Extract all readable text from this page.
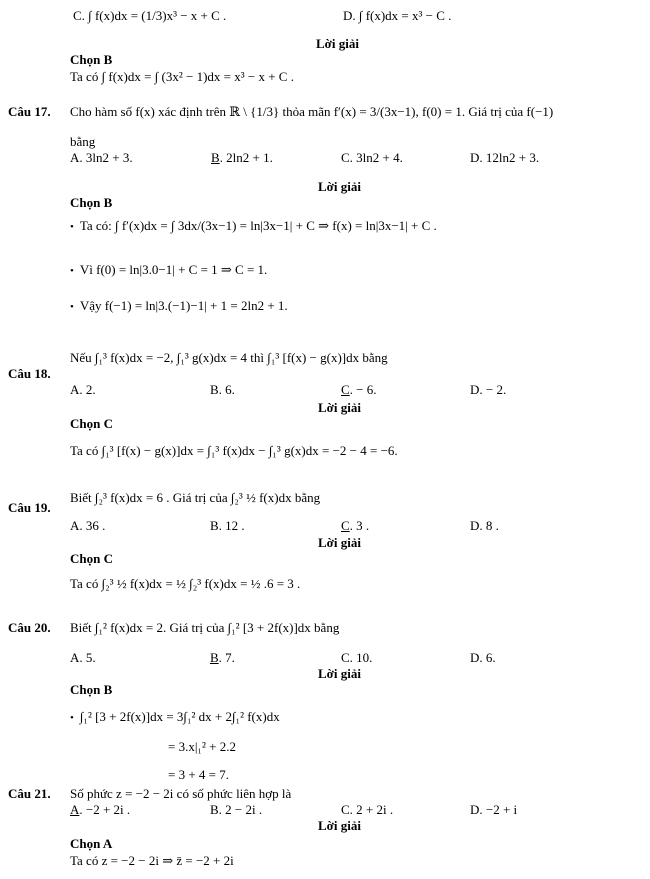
C. ∫ f(x)dx = (1/3)x³ − x + C .	D. ∫ f(x)dx = x³ − C .
Lời giải
Chọn B
Ta có ∫ f(x)dx = ∫ (3x² − 1)dx = x³ − x + C .
Câu 17. Cho hàm số f(x) xác định trên ℝ \ {1/3} thỏa mãn f′(x) = 3/(3x−1), f(0) = 1. Giá trị của f(−1)
bằng
A. 3ln2 + 3.	B. 2ln2 + 1.	C. 3ln2 + 4.	D. 12ln2 + 3.
Lời giải
Chọn B
• Ta có: ∫ f′(x)dx = ∫ 3dx/(3x−1) = ln|3x−1| + C ⇒ f(x) = ln|3x−1| + C .
• Vì f(0) = ln|3.0−1| + C = 1 ⇒ C = 1.
• Vậy f(−1) = ln|3.(−1)−1| + 1 = 2ln2 + 1.
Câu 18.
Nếu ∫₁³ f(x)dx = −2, ∫₁³ g(x)dx = 4 thì ∫₁³ [f(x) − g(x)]dx bằng
A. 2.	B. 6.	C. − 6.	D. − 2.
Lời giải
Chọn C
Ta có ∫₁³ [f(x) − g(x)]dx = ∫₁³ f(x)dx − ∫₁³ g(x)dx = −2 − 4 = −6.
Câu 19.
Biết ∫₂³ f(x)dx = 6 . Giá trị của ∫₂³ ½ f(x)dx bằng
A. 36 .	B. 12 .	C. 3 .	D. 8 .
Lời giải
Chọn C
Ta có ∫₂³ ½ f(x)dx = ½ ∫₂³ f(x)dx = ½ .6 = 3 .
Câu 20. Biết ∫₁² f(x)dx = 2. Giá trị của ∫₁² [3 + 2f(x)]dx bằng
A. 5.	B. 7.	C. 10.	D. 6.
Lời giải
Chọn B
• ∫₁² [3 + 2f(x)]dx = 3∫₁² dx + 2∫₁² f(x)dx
= 3.x|₁² + 2.2
= 3 + 4 = 7.
Câu 21. Số phức z = −2 − 2i có số phức liên hợp là
A. −2 + 2i .	B. 2 − 2i .	C. 2 + 2i .	D. −2 + i
Lời giải
Chọn A
Ta có z = −2 − 2i ⇒ z̄ = −2 + 2i
